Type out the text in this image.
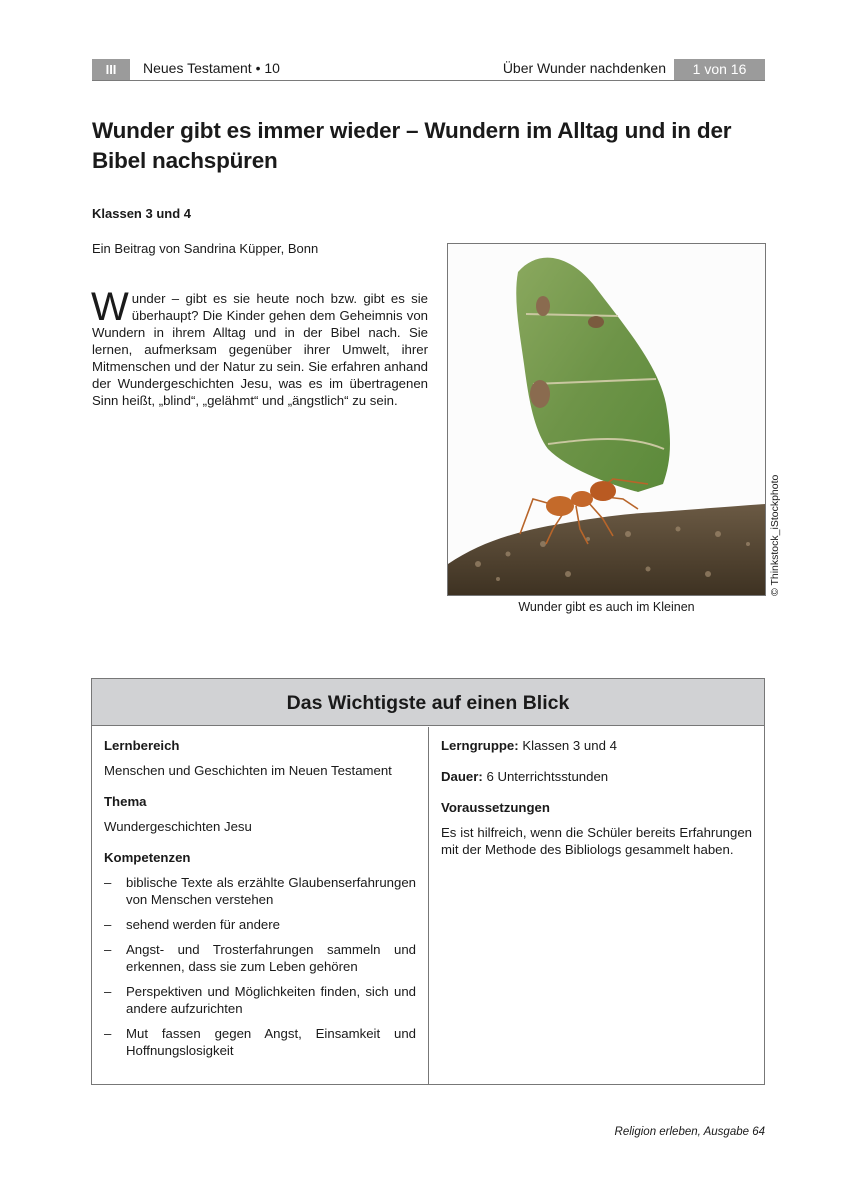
III	Neues Testament • 10	Über Wunder nachdenken	1 von 16
Wunder gibt es immer wieder – Wundern im Alltag und in der Bibel nachspüren
Klassen 3 und 4
Ein Beitrag von Sandrina Küpper, Bonn
Wunder – gibt es sie heute noch bzw. gibt es sie überhaupt? Die Kinder gehen dem Geheimnis von Wundern in ihrem Alltag und in der Bibel nach. Sie lernen, aufmerksam gegenüber ihrer Umwelt, ihrer Mitmenschen und der Natur zu sein. Sie erfahren anhand der Wundergeschichten Jesu, was es im übertragenen Sinn heißt, „blind“, „gelähmt“ und „ängstlich“ zu sein.
© Thinkstock_iStockphoto
Wunder gibt es auch im Kleinen
Das Wichtigste auf einen Blick
Lernbereich
Menschen und Geschichten im Neuen Testament
Thema
Wundergeschichten Jesu
Kompetenzen
– biblische Texte als erzählte Glaubenserfahrungen von Menschen verstehen
– sehend werden für andere
– Angst- und Trosterfahrungen sammeln und erkennen, dass sie zum Leben gehören
– Perspektiven und Möglichkeiten finden, sich und andere aufzurichten
– Mut fassen gegen Angst, Einsamkeit und Hoffnungslosigkeit
Lerngruppe: Klassen 3 und 4
Dauer: 6 Unterrichtsstunden
Voraussetzungen
Es ist hilfreich, wenn die Schüler bereits Erfahrungen mit der Methode des Bibliologs gesammelt haben.
Religion erleben, Ausgabe 64
